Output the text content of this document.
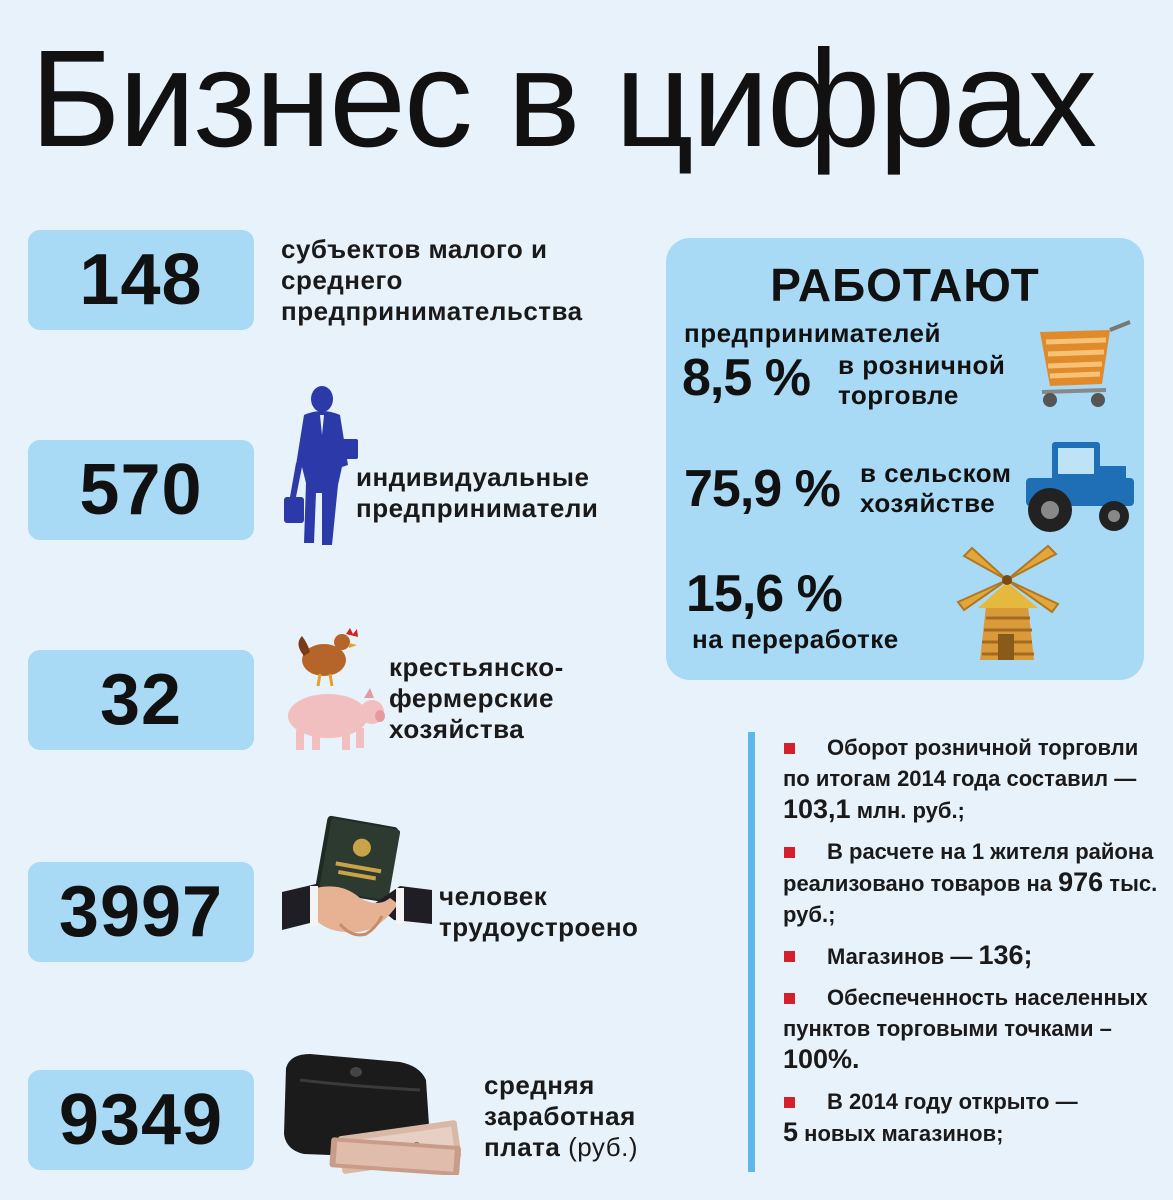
Бизнес в цифрах
148	субъектов малого и среднего предпринимательства
570	индивидуальные предприниматели
32	крестьянско-фермерские хозяйства
3997	человек трудоустроено
9349	средняя заработная плата (руб.)
РАБОТАЮТ
предпринимателей
8,5 % в розничной торговле
75,9 % в сельском хозяйстве
15,6 %
на переработке
Оборот розничной торговли по итогам 2014 года составил — 103,1 млн. руб.;
В расчете на 1 жителя района реализовано товаров на 976 тыс. руб.;
Магазинов — 136;
Обеспеченность населенных пунктов торговыми точками – 100%.
В 2014 году открыто —
5 новых магазинов;
